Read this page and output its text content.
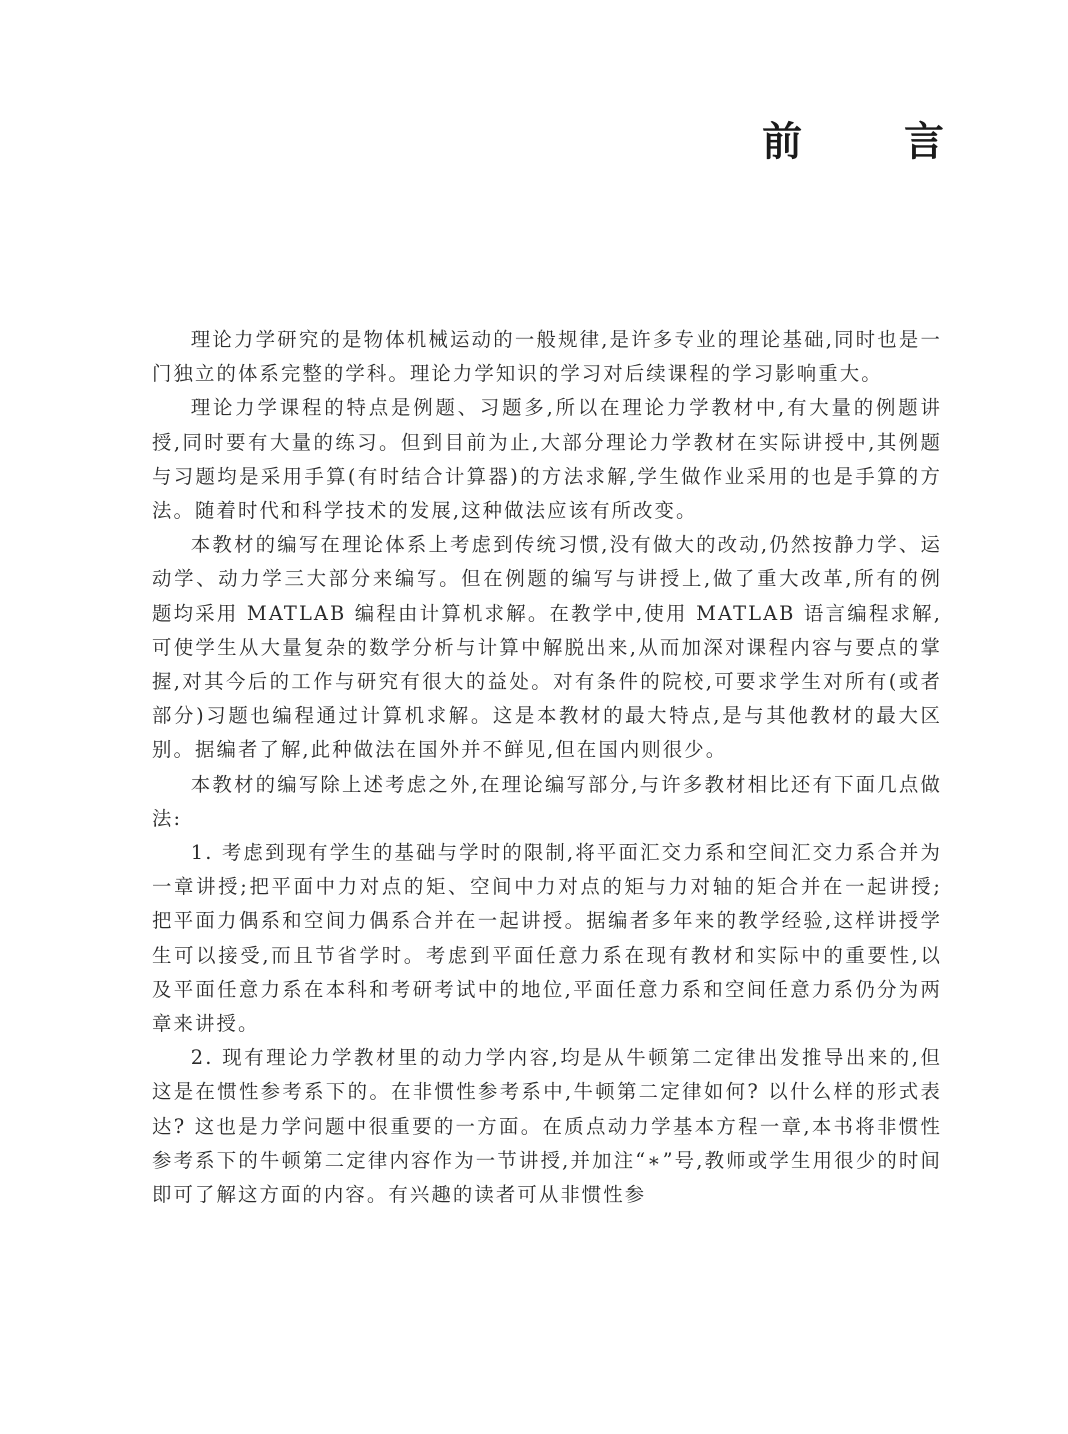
前 言

理论力学研究的是物体机械运动的一般规律,是许多专业的理论基础,同时也是一门独立的体系完整的学科。理论力学知识的学习对后续课程的学习影响重大。

理论力学课程的特点是例题、习题多,所以在理论力学教材中,有大量的例题讲授,同时要有大量的练习。但到目前为止,大部分理论力学教材在实际讲授中,其例题与习题均是采用手算(有时结合计算器)的方法求解,学生做作业采用的也是手算的方法。随着时代和科学技术的发展,这种做法应该有所改变。

本教材的编写在理论体系上考虑到传统习惯,没有做大的改动,仍然按静力学、运动学、动力学三大部分来编写。但在例题的编写与讲授上,做了重大改革,所有的例题均采用 MATLAB 编程由计算机求解。在教学中,使用 MATLAB 语言编程求解,可使学生从大量复杂的数学分析与计算中解脱出来,从而加深对课程内容与要点的掌握,对其今后的工作与研究有很大的益处。对有条件的院校,可要求学生对所有(或者部分)习题也编程通过计算机求解。这是本教材的最大特点,是与其他教材的最大区别。据编者了解,此种做法在国外并不鲜见,但在国内则很少。

本教材的编写除上述考虑之外,在理论编写部分,与许多教材相比还有下面几点做法:

1. 考虑到现有学生的基础与学时的限制,将平面汇交力系和空间汇交力系合并为一章讲授;把平面中力对点的矩、空间中力对点的矩与力对轴的矩合并在一起讲授;把平面力偶系和空间力偶系合并在一起讲授。据编者多年来的教学经验,这样讲授学生可以接受,而且节省学时。考虑到平面任意力系在现有教材和实际中的重要性,以及平面任意力系在本科和考研考试中的地位,平面任意力系和空间任意力系仍分为两章来讲授。

2. 现有理论力学教材里的动力学内容,均是从牛顿第二定律出发推导出来的,但这是在惯性参考系下的。在非惯性参考系中,牛顿第二定律如何? 以什么样的形式表达? 这也是力学问题中很重要的一方面。在质点动力学基本方程一章,本书将非惯性参考系下的牛顿第二定律内容作为一节讲授,并加注“∗”号,教师或学生用很少的时间即可了解这方面的内容。有兴趣的读者可从非惯性参
